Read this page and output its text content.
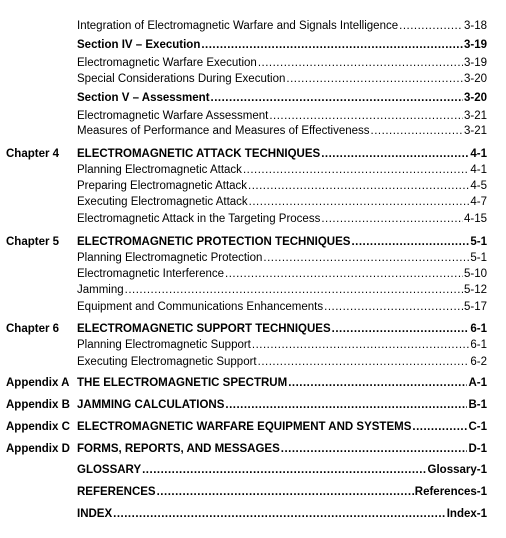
Integration of Electromagnetic Warfare and Signals Intelligence .....	3-18
Section IV – Execution .....	3-19
Electromagnetic Warfare Execution .....	3-19
Special Considerations During Execution .....	3-20
Section V – Assessment .....	3-20
Electromagnetic Warfare Assessment .....	3-21
Measures of Performance and Measures of Effectiveness .....	3-21
Chapter 4 ELECTROMAGNETIC ATTACK TECHNIQUES .....	4-1
Planning Electromagnetic Attack .....	4-1
Preparing Electromagnetic Attack .....	4-5
Executing Electromagnetic Attack .....	4-7
Electromagnetic Attack in the Targeting Process .....	4-15
Chapter 5 ELECTROMAGNETIC PROTECTION TECHNIQUES .....	5-1
Planning Electromagnetic Protection .....	5-1
Electromagnetic Interference .....	5-10
Jamming .....	5-12
Equipment and Communications Enhancements .....	5-17
Chapter 6 ELECTROMAGNETIC SUPPORT TECHNIQUES .....	6-1
Planning Electromagnetic Support .....	6-1
Executing Electromagnetic Support .....	6-2
Appendix A THE ELECTROMAGNETIC SPECTRUM .....	A-1
Appendix B JAMMING CALCULATIONS .....	B-1
Appendix C ELECTROMAGNETIC WARFARE EQUIPMENT AND SYSTEMS .....	C-1
Appendix D FORMS, REPORTS, AND MESSAGES .....	D-1
GLOSSARY .....	Glossary-1
REFERENCES .....	References-1
INDEX .....	Index-1
